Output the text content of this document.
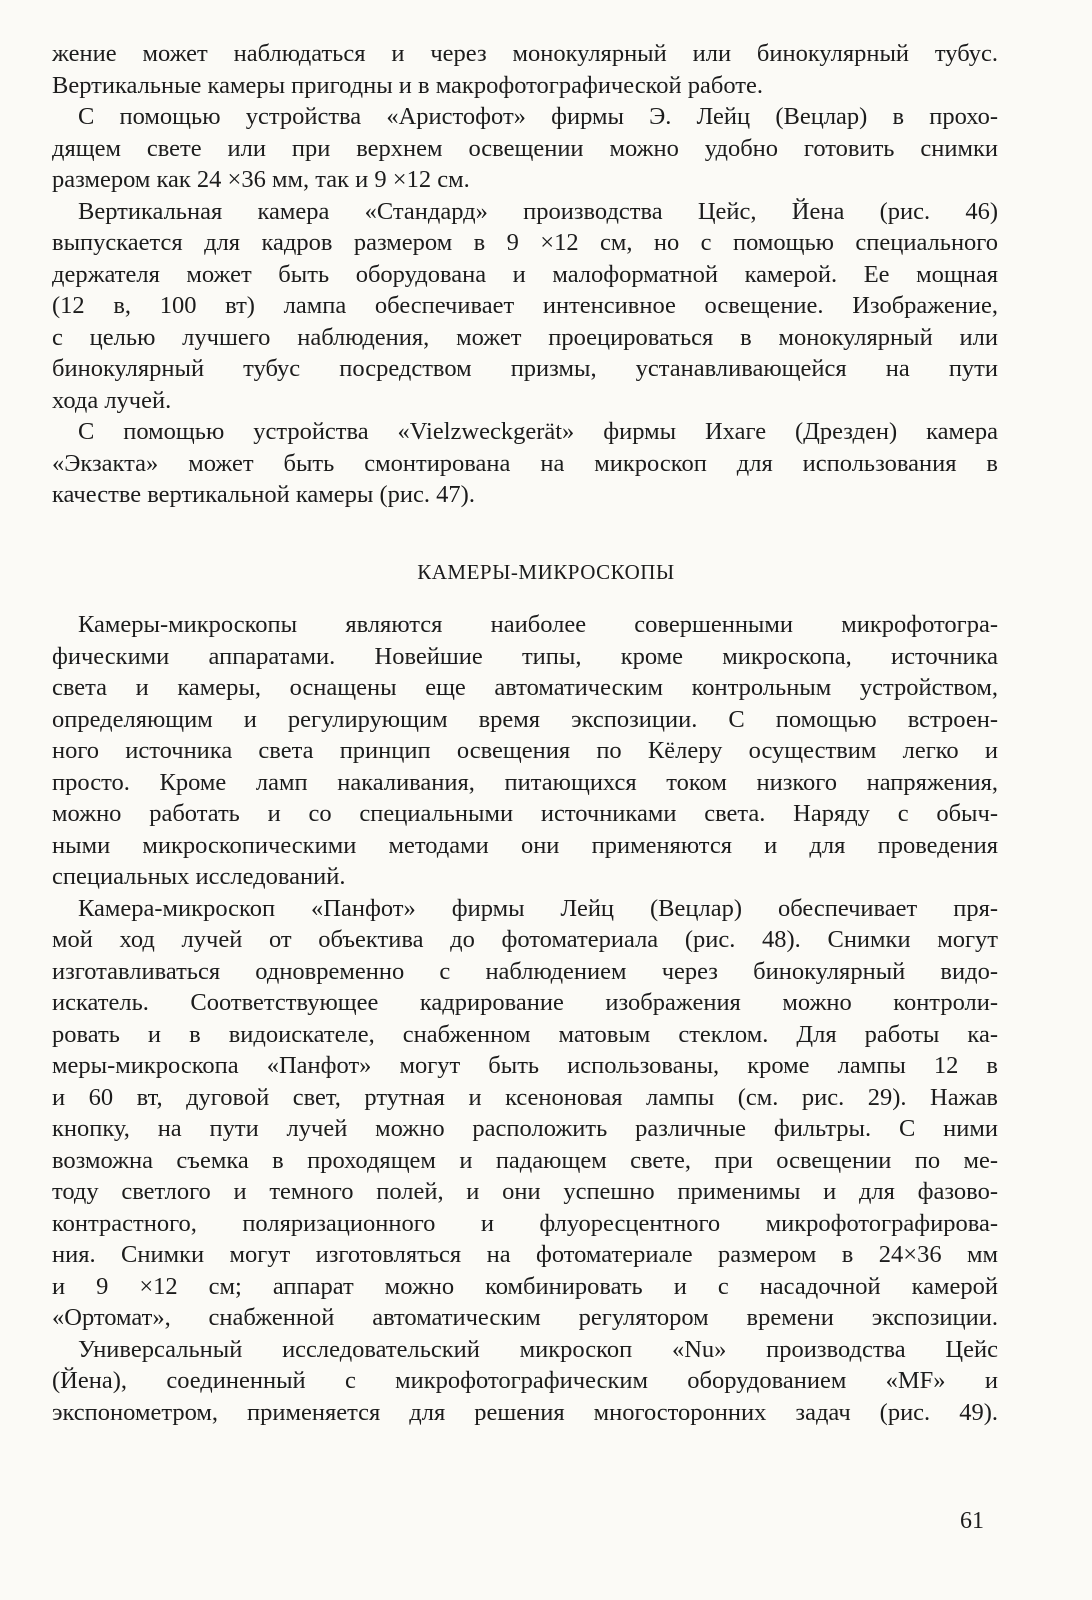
жение может наблюдаться и через монокулярный или бинокулярный тубус.
Вертикальные камеры пригодны и в макрофотографической работе.
С помощью устройства «Аристофот» фирмы Э. Лейц (Вецлар) в прохо-
дящем свете или при верхнем освещении можно удобно готовить снимки
размером как 24 ×36 мм, так и 9 ×12 см.
Вертикальная камера «Стандард» производства Цейс, Йена (рис. 46)
выпускается для кадров размером в 9 ×12 см, но с помощью специального
держателя может быть оборудована и малоформатной камерой. Ее мощная
(12 в, 100 вт) лампа обеспечивает интенсивное освещение. Изображение,
с целью лучшего наблюдения, может проецироваться в монокулярный или
бинокулярный тубус посредством призмы, устанавливающейся на пути
хода лучей.
С помощью устройства «Vielzweckgerät» фирмы Ихаге (Дрезден) камера
«Экзакта» может быть смонтирована на микроскоп для использования в
качестве вертикальной камеры (рис. 47).
КАМЕРЫ-МИКРОСКОПЫ
Камеры-микроскопы являются наиболее совершенными микрофотогра-
фическими аппаратами. Новейшие типы, кроме микроскопа, источника
света и камеры, оснащены еще автоматическим контрольным устройством,
определяющим и регулирующим время экспозиции. С помощью встроен-
ного источника света принцип освещения по Кёлеру осуществим легко и
просто. Кроме ламп накаливания, питающихся током низкого напряжения,
можно работать и со специальными источниками света. Наряду с обыч-
ными микроскопическими методами они применяются и для проведения
специальных исследований.
Камера-микроскоп «Панфот» фирмы Лейц (Вецлар) обеспечивает пря-
мой ход лучей от объектива до фотоматериала (рис. 48). Снимки могут
изготавливаться одновременно с наблюдением через бинокулярный видо-
искатель. Соответствующее кадрирование изображения можно контроли-
ровать и в видоискателе, снабженном матовым стеклом. Для работы ка-
меры-микроскопа «Панфот» могут быть использованы, кроме лампы 12 в
и 60 вт, дуговой свет, ртутная и ксеноновая лампы (см. рис. 29). Нажав
кнопку, на пути лучей можно расположить различные фильтры. С ними
возможна съемка в проходящем и падающем свете, при освещении по ме-
тоду светлого и темного полей, и они успешно применимы и для фазово-
контрастного, поляризационного и флуоресцентного микрофотографирова-
ния. Снимки могут изготовляться на фотоматериале размером в 24×36 мм
и 9 ×12 см; аппарат можно комбинировать и с насадочной камерой
«Ортомат», снабженной автоматическим регулятором времени экспозиции.
Универсальный исследовательский микроскоп «Nu» производства Цейс
(Йена), соединенный с микрофотографическим оборудованием «MF» и
экспонометром, применяется для решения многосторонних задач (рис. 49).
61
